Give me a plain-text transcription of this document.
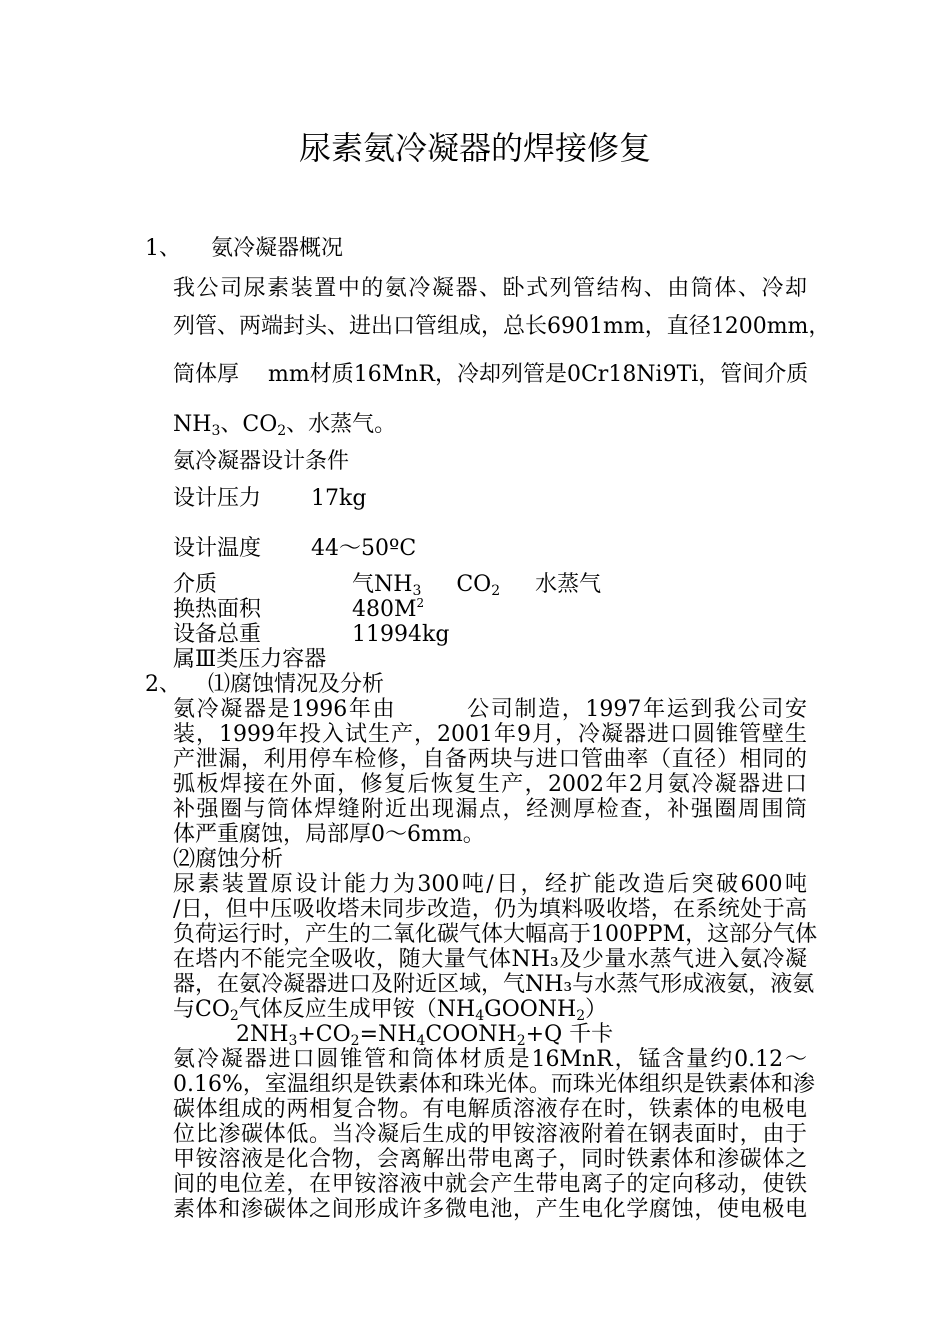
尿素氨冷凝器的焊接修复
1、 氨冷凝器概况
我公司尿素装置中的氨冷凝器、卧式列管结构、由筒体、冷却
列管、两端封头、进出口管组成，总长6901mm，直径1200mm，
筒体厚　 mm材质16MnR，冷却列管是0Cr18Ni9Ti，管间介质
$NH_3$、$CO_2$、水蒸气。
氨冷凝器设计条件
设计压力 17kg
设计温度 44～50ºC
介质	气$NH_3$ $CO_2$ 水蒸气
换热面积	$480M^2$
设备总重	11994kg
属Ⅲ类压力容器
2、 ⑴腐蚀情况及分析
氨冷凝器是1996年由　　　公司制造，1997年运到我公司安
装，1999年投入试生产，2001年9月，冷凝器进口圆锥管壁生
产泄漏，利用停车检修，自备两块与进口管曲率（直径）相同的
弧板焊接在外面，修复后恢复生产，2002年2月氨冷凝器进口
补强圈与筒体焊缝附近出现漏点，经测厚检查，补强圈周围筒
体严重腐蚀，局部厚0～6mm。
⑵腐蚀分析
尿素装置原设计能力为300吨/日，经扩能改造后突破600吨
/日，但中压吸收塔未同步改造，仍为填料吸收塔，在系统处于高
负荷运行时，产生的二氧化碳气体大幅高于100PPM，这部分气体
在塔内不能完全吸收，随大量气体NH₃及少量水蒸气进入氨冷凝
器，在氨冷凝器进口及附近区域，气NH₃与水蒸气形成液氨，液氨
与$CO_2$气体反应生成甲铵$(NH_4GOONH_2)$
$2NH_3+CO_2=NH_4COONH_2+Q$ 千卡
氨冷凝器进口圆锥管和筒体材质是16MnR，锰含量约0.12～
0.16%，室温组织是铁素体和珠光体。而珠光体组织是铁素体和渗
碳体组成的两相复合物。有电解质溶液存在时，铁素体的电极电
位比渗碳体低。当冷凝后生成的甲铵溶液附着在钢表面时，由于
甲铵溶液是化合物，会离解出带电离子，同时铁素体和渗碳体之
间的电位差，在甲铵溶液中就会产生带电离子的定向移动，使铁
素体和渗碳体之间形成许多微电池，产生电化学腐蚀，使电极电
